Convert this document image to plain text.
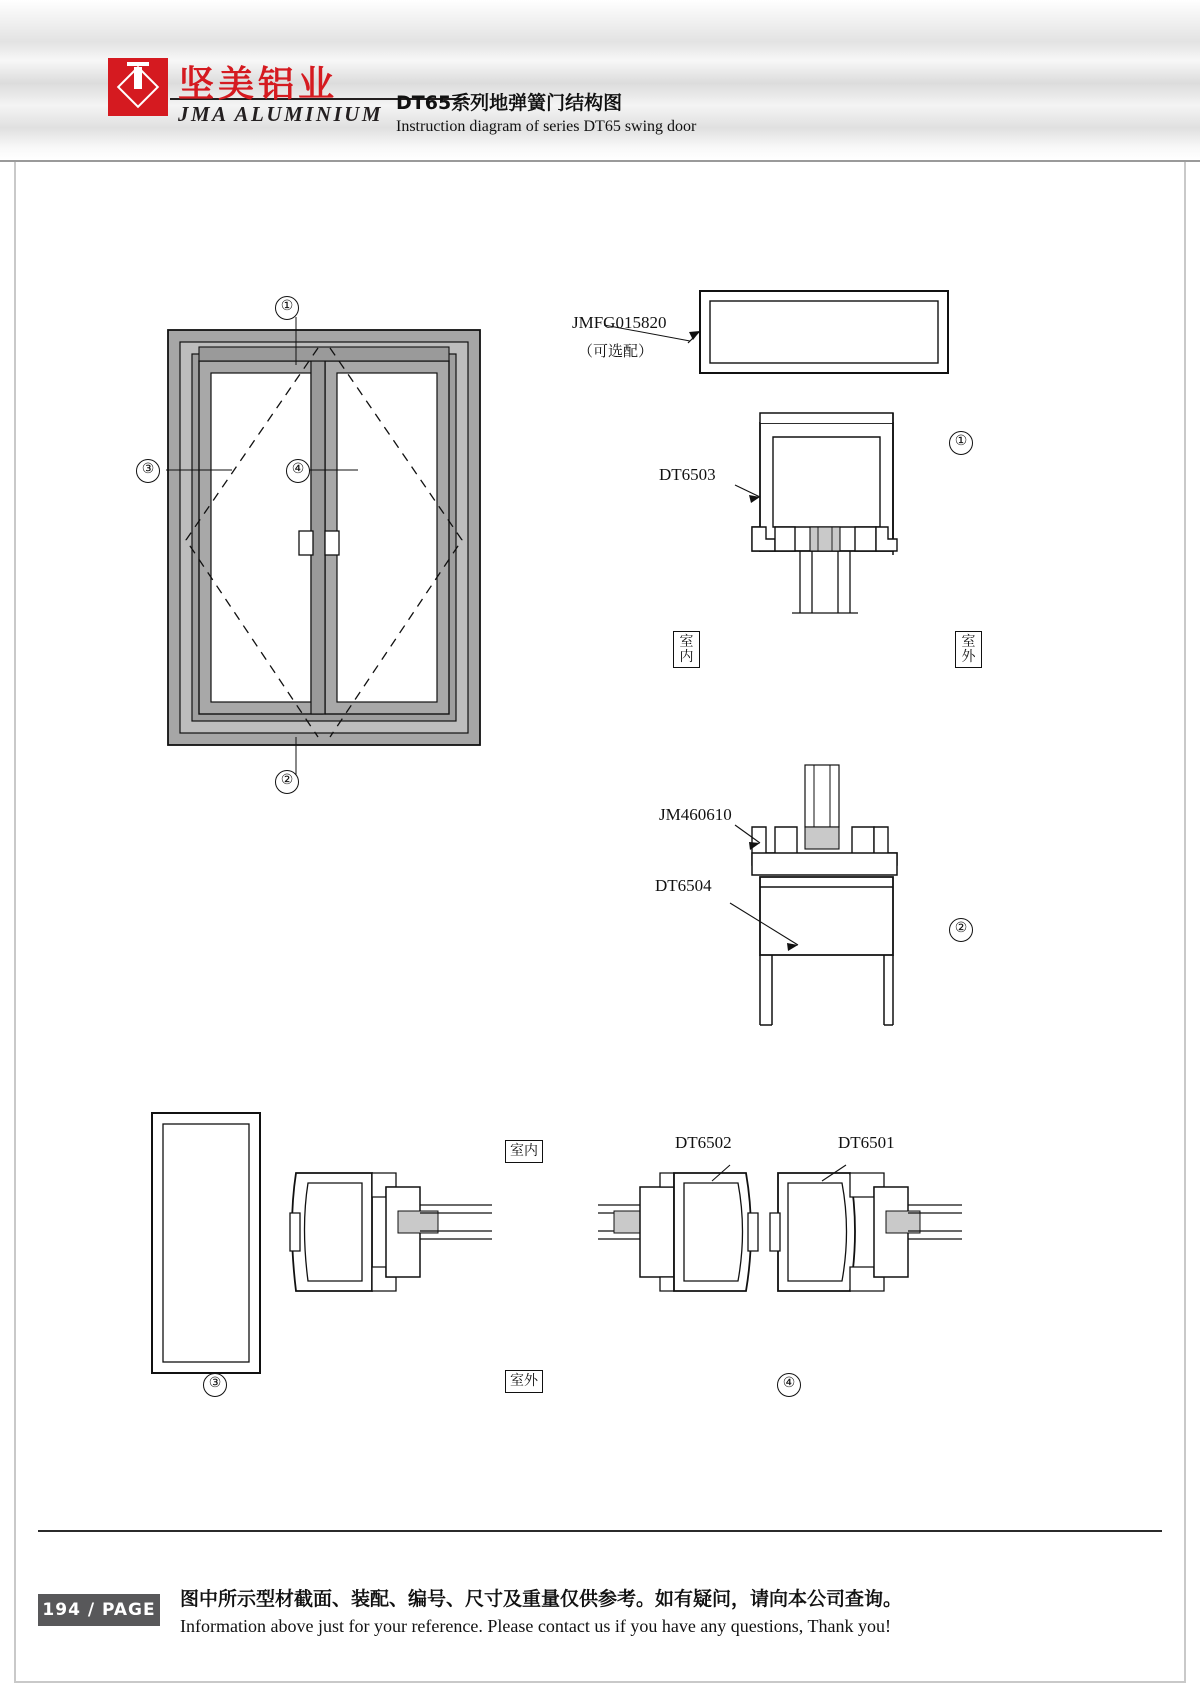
坚美铝业
JMA ALUMINIUM DT65系列地弹簧门结构图
Instruction diagram of series DT65 swing door
JMFG015820
（可选配）
DT6503
JM460610
DT6504
DT6502	DT6501
室内
室外
室内
室外
①
②
③	④
①
②
③	④
194 / PAGE 图中所示型材截面、装配、编号、尺寸及重量仅供参考。如有疑问，请向本公司查询。
Information above just for your reference. Please contact us if you have any questions, Thank you!
